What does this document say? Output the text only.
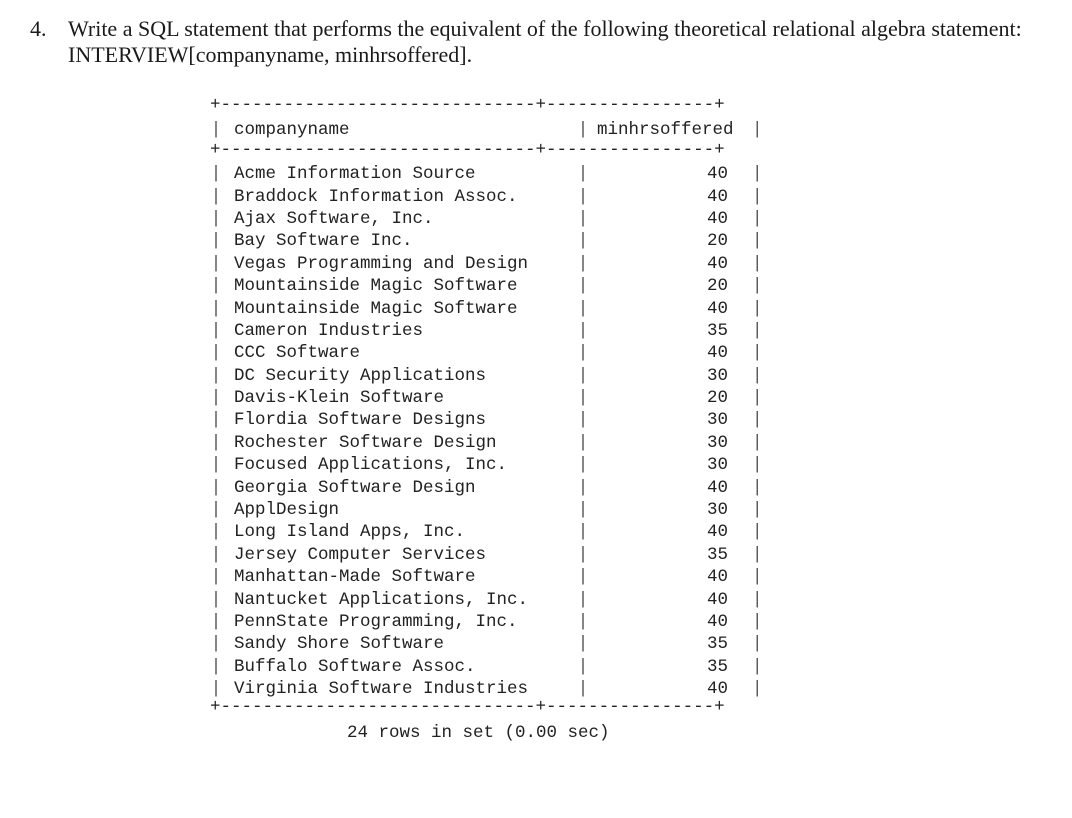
4. Write a SQL statement that performs the equivalent of the following theoretical relational algebra statement: INTERVIEW[companyname, minhrsoffered].
+------------------------------+----------------+
| companyname	| minhrsoffered	|
+------------------------------+----------------+
| Acme Information Source	|	40	|
| Braddock Information Assoc.	|	40	|
| Ajax Software, Inc.	|	40	|
| Bay Software Inc.	|	20	|
| Vegas Programming and Design	|	40	|
| Mountainside Magic Software	|	20	|
| Mountainside Magic Software	|	40	|
| Cameron Industries	|	35	|
| CCC Software	|	40	|
| DC Security Applications	|	30	|
| Davis-Klein Software	|	20	|
| Flordia Software Designs	|	30	|
| Rochester Software Design	|	30	|
| Focused Applications, Inc.	|	30	|
| Georgia Software Design	|	40	|
| ApplDesign	|	30	|
| Long Island Apps, Inc.	|	40	|
| Jersey Computer Services	|	35	|
| Manhattan-Made Software	|	40	|
| Nantucket Applications, Inc.	|	40	|
| PennState Programming, Inc.	|	40	|
| Sandy Shore Software	|	35	|
| Buffalo Software Assoc.	|	35	|
| Virginia Software Industries	|	40	|
+------------------------------+----------------+
24 rows in set (0.00 sec)
